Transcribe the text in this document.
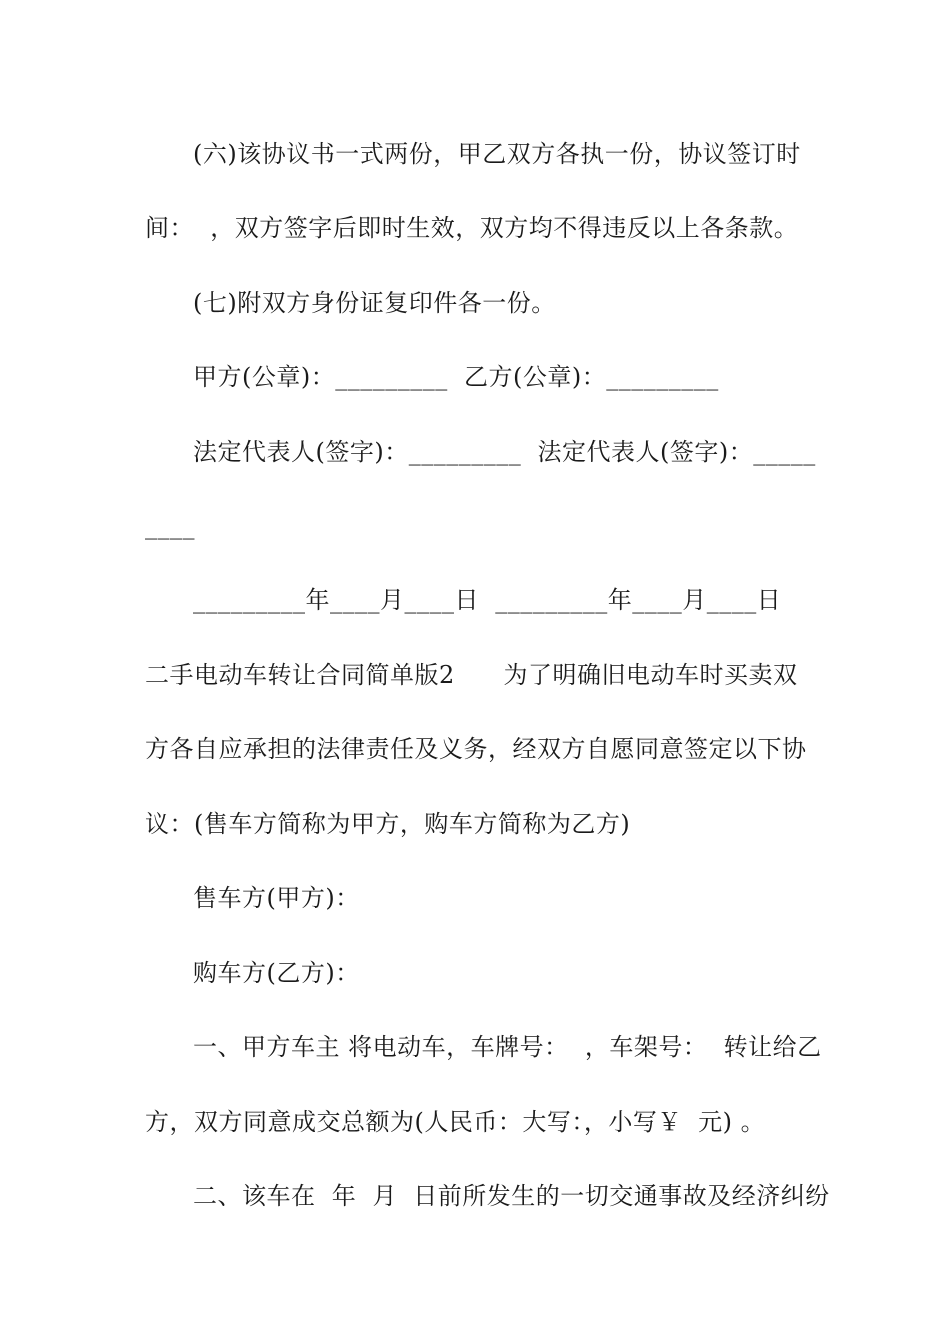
(六)该协议书一式两份，甲乙双方各执一份，协议签订时
间：  ，双方签字后即时生效，双方均不得违反以上各条款。
(七)附双方身份证复印件各一份。
甲方(公章)：_________  乙方(公章)：_________
法定代表人(签字)：_________  法定代表人(签字)：_____
____
_________年____月____日  _________年____月____日
二手电动车转让合同简单版2      为了明确旧电动车时买卖双
方各自应承担的法律责任及义务，经双方自愿同意签定以下协
议：(售车方简称为甲方，购车方简称为乙方)
售车方(甲方)：
购车方(乙方)：
一、甲方车主 将电动车，车牌号：  ，车架号：  转让给乙
方，双方同意成交总额为(人民币：大写：，小写￥  元) 。
二、该车在  年  月  日前所发生的一切交通事故及经济纠纷
